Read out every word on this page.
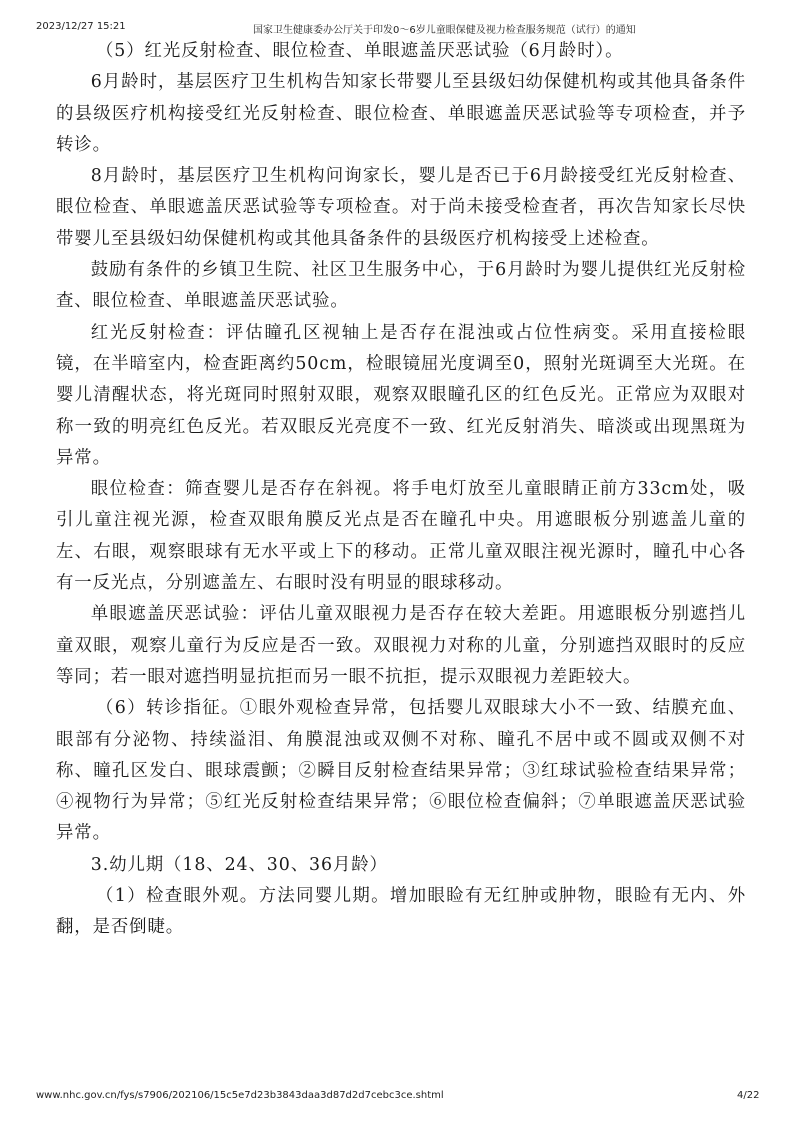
2023/12/27 15:21	国家卫生健康委办公厅关于印发0～6岁儿童眼保健及视力检查服务规范（试行）的通知

（5）红光反射检查、眼位检查、单眼遮盖厌恶试验（6月龄时）。

6月龄时，基层医疗卫生机构告知家长带婴儿至县级妇幼保健机构或其他具备条件的县级医疗机构接受红光反射检查、眼位检查、单眼遮盖厌恶试验等专项检查，并予转诊。

8月龄时，基层医疗卫生机构问询家长，婴儿是否已于6月龄接受红光反射检查、眼位检查、单眼遮盖厌恶试验等专项检查。对于尚未接受检查者，再次告知家长尽快带婴儿至县级妇幼保健机构或其他具备条件的县级医疗机构接受上述检查。

鼓励有条件的乡镇卫生院、社区卫生服务中心，于6月龄时为婴儿提供红光反射检查、眼位检查、单眼遮盖厌恶试验。

红光反射检查：评估瞳孔区视轴上是否存在混浊或占位性病变。采用直接检眼镜，在半暗室内，检查距离约50cm，检眼镜屈光度调至0，照射光斑调至大光斑。在婴儿清醒状态，将光斑同时照射双眼，观察双眼瞳孔区的红色反光。正常应为双眼对称一致的明亮红色反光。若双眼反光亮度不一致、红光反射消失、暗淡或出现黑斑为异常。

眼位检查：筛查婴儿是否存在斜视。将手电灯放至儿童眼睛正前方33cm处，吸引儿童注视光源，检查双眼角膜反光点是否在瞳孔中央。用遮眼板分别遮盖儿童的左、右眼，观察眼球有无水平或上下的移动。正常儿童双眼注视光源时，瞳孔中心各有一反光点，分别遮盖左、右眼时没有明显的眼球移动。

单眼遮盖厌恶试验：评估儿童双眼视力是否存在较大差距。用遮眼板分别遮挡儿童双眼，观察儿童行为反应是否一致。双眼视力对称的儿童，分别遮挡双眼时的反应等同；若一眼对遮挡明显抗拒而另一眼不抗拒，提示双眼视力差距较大。

（6）转诊指征。①眼外观检查异常，包括婴儿双眼球大小不一致、结膜充血、眼部有分泌物、持续溢泪、角膜混浊或双侧不对称、瞳孔不居中或不圆或双侧不对称、瞳孔区发白、眼球震颤；②瞬目反射检查结果异常；③红球试验检查结果异常；④视物行为异常；⑤红光反射检查结果异常；⑥眼位检查偏斜；⑦单眼遮盖厌恶试验异常。

3.幼儿期（18、24、30、36月龄）

（1）检查眼外观。方法同婴儿期。增加眼睑有无红肿或肿物，眼睑有无内、外翻，是否倒睫。

www.nhc.gov.cn/fys/s7906/202106/15c5e7d23b3843daa3d87d2d7cebc3ce.shtml	4/22
